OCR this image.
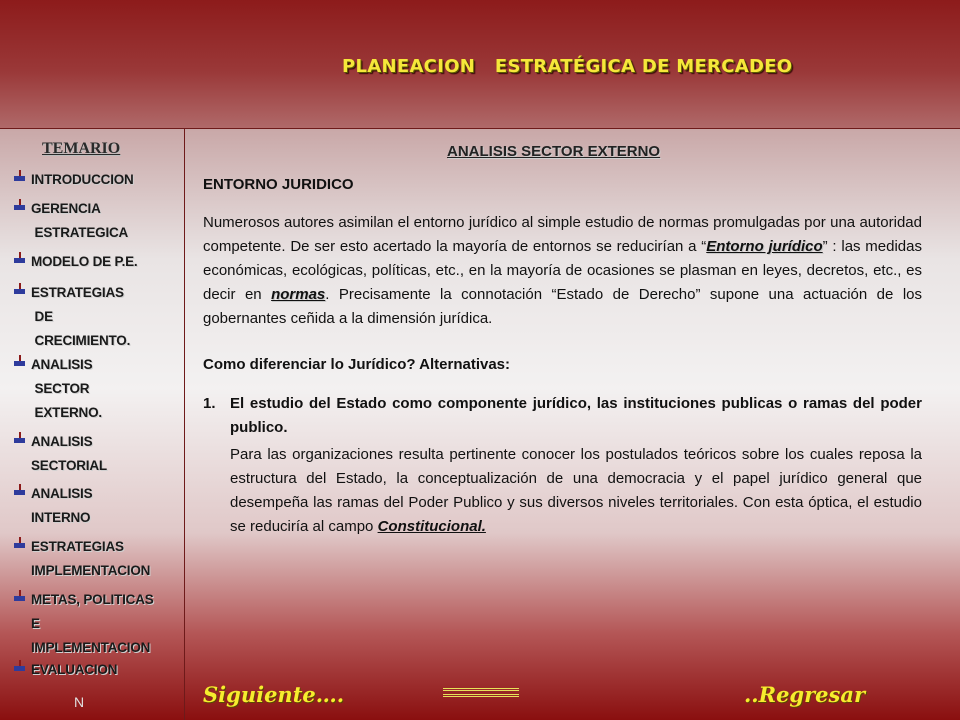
PLANEACION   ESTRATÉGICA DE MERCADEO
TEMARIO
INTRODUCCION
GERENCIA
ESTRATEGICA
MODELO DE P.E.
ESTRATEGIAS
DE
CRECIMIENTO.
ANALISIS
SECTOR
EXTERNO.
ANALISIS
SECTORIAL
ANALISIS
INTERNO
ESTRATEGIAS
IMPLEMENTACION
METAS, POLITICAS
E
IMPLEMENTACION
EVALUACION
N
ANALISIS SECTOR EXTERNO
ENTORNO JURIDICO
Numerosos autores asimilan el entorno jurídico al simple estudio de normas promulgadas por una autoridad competente. De ser esto acertado la mayoría de entornos se reducirían a “Entorno jurídico” : las medidas económicas, ecológicas, políticas, etc., en la mayoría de ocasiones se plasman en leyes, decretos, etc., es decir en normas. Precisamente la connotación “Estado de Derecho” supone una actuación de los gobernantes ceñida a la dimensión jurídica.
Como diferenciar lo Jurídico? Alternativas:
1. El estudio del Estado como componente jurídico, las instituciones publicas o ramas del poder publico.
Para las organizaciones resulta pertinente conocer los postulados teóricos sobre los cuales reposa la estructura del Estado, la conceptualización de una democracia y el papel jurídico general que desempeña las ramas del Poder Publico y sus diversos niveles territoriales. Con esta óptica, el estudio se reduciría al campo Constitucional.
Siguiente….	..Regresar
